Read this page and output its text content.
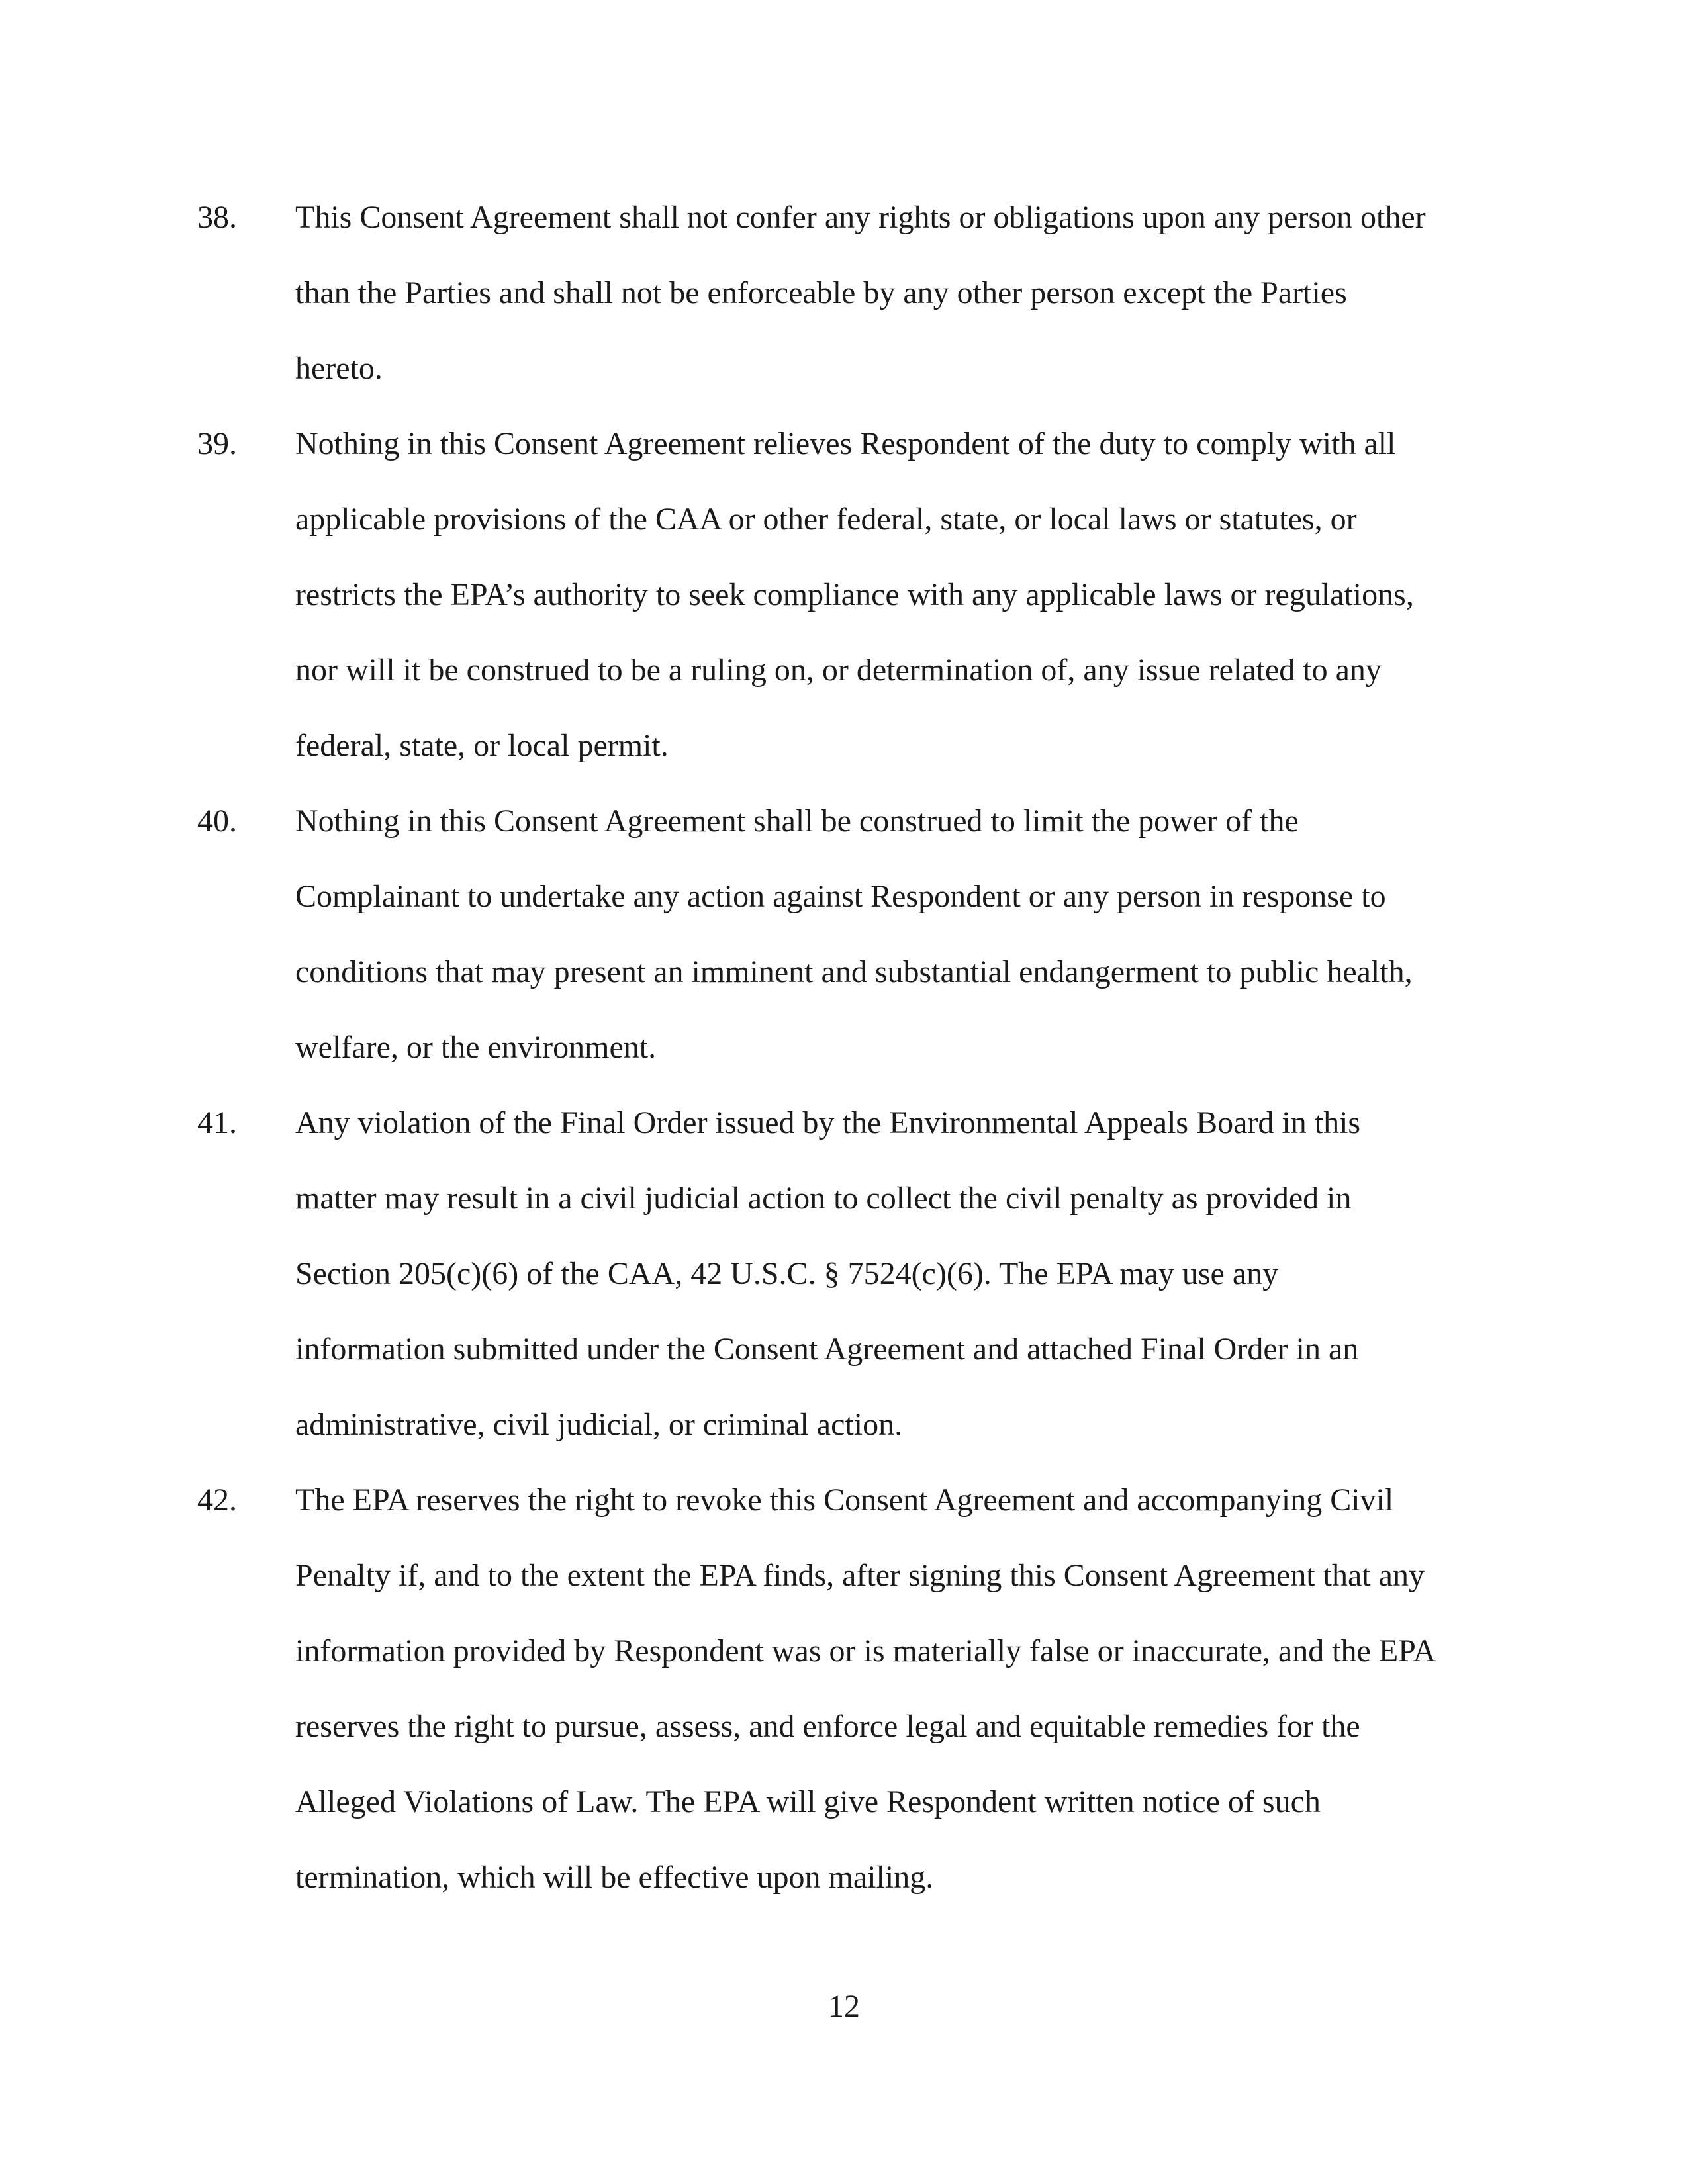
38. This Consent Agreement shall not confer any rights or obligations upon any person other
than the Parties and shall not be enforceable by any other person except the Parties
hereto.
39. Nothing in this Consent Agreement relieves Respondent of the duty to comply with all
applicable provisions of the CAA or other federal, state, or local laws or statutes, or
restricts the EPA’s authority to seek compliance with any applicable laws or regulations,
nor will it be construed to be a ruling on, or determination of, any issue related to any
federal, state, or local permit.
40. Nothing in this Consent Agreement shall be construed to limit the power of the
Complainant to undertake any action against Respondent or any person in response to
conditions that may present an imminent and substantial endangerment to public health,
welfare, or the environment.
41. Any violation of the Final Order issued by the Environmental Appeals Board in this
matter may result in a civil judicial action to collect the civil penalty as provided in
Section 205(c)(6) of the CAA, 42 U.S.C. § 7524(c)(6). The EPA may use any
information submitted under the Consent Agreement and attached Final Order in an
administrative, civil judicial, or criminal action.
42. The EPA reserves the right to revoke this Consent Agreement and accompanying Civil
Penalty if, and to the extent the EPA finds, after signing this Consent Agreement that any
information provided by Respondent was or is materially false or inaccurate, and the EPA
reserves the right to pursue, assess, and enforce legal and equitable remedies for the
Alleged Violations of Law. The EPA will give Respondent written notice of such
termination, which will be effective upon mailing.
12
